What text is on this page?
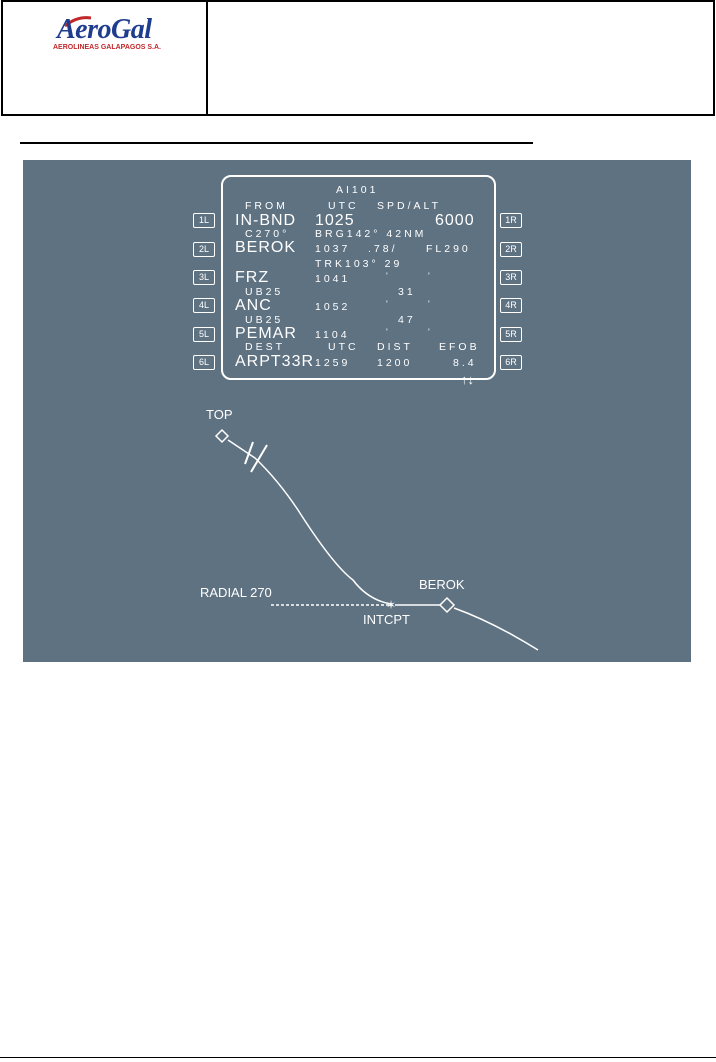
AeroGal
AEROLINEAS GALAPAGOS S.A.
1L
2L
3L
4L
5L
6L
1R
2R
3R
4R
5R
6R
AI101
FROM	UTC SPD/ALT
IN-BND 1025	6000
C270° BRG142° 42NM
BEROK 1037 .78/	FL290
TRK103° 29
FRZ	1041	'	'
UB25	31
ANC	1052	'	'
UB25	47
PEMAR 1104	'	'
DEST	UTC DIST EFOB
ARPT33R 1259	1200	8.4
↑↓
✶
TOP
RADIAL 270
INTCPT
BEROK
